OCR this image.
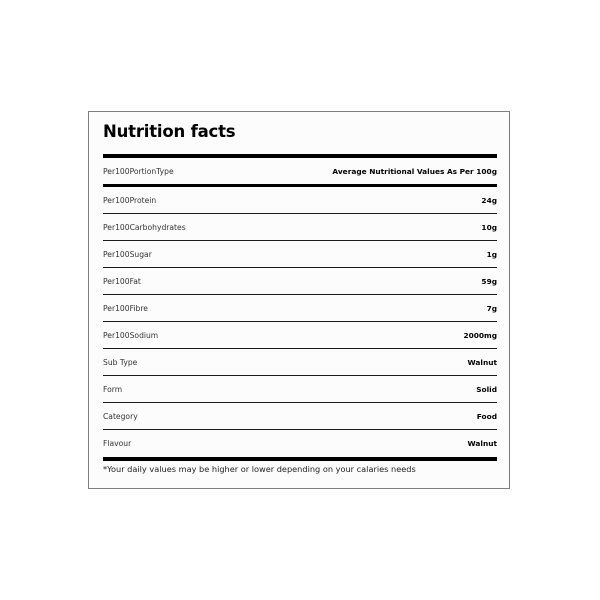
Nutrition facts
Per100PortionType	Average Nutritional Values As Per 100g
Per100Protein	24g
Per100Carbohydrates	10g
Per100Sugar	1g
Per100Fat	59g
Per100Fibre	7g
Per100Sodium	2000mg
Sub Type	Walnut
Form	Solid
Category	Food
Flavour	Walnut
*Your daily values may be higher or lower depending on your calaries needs
